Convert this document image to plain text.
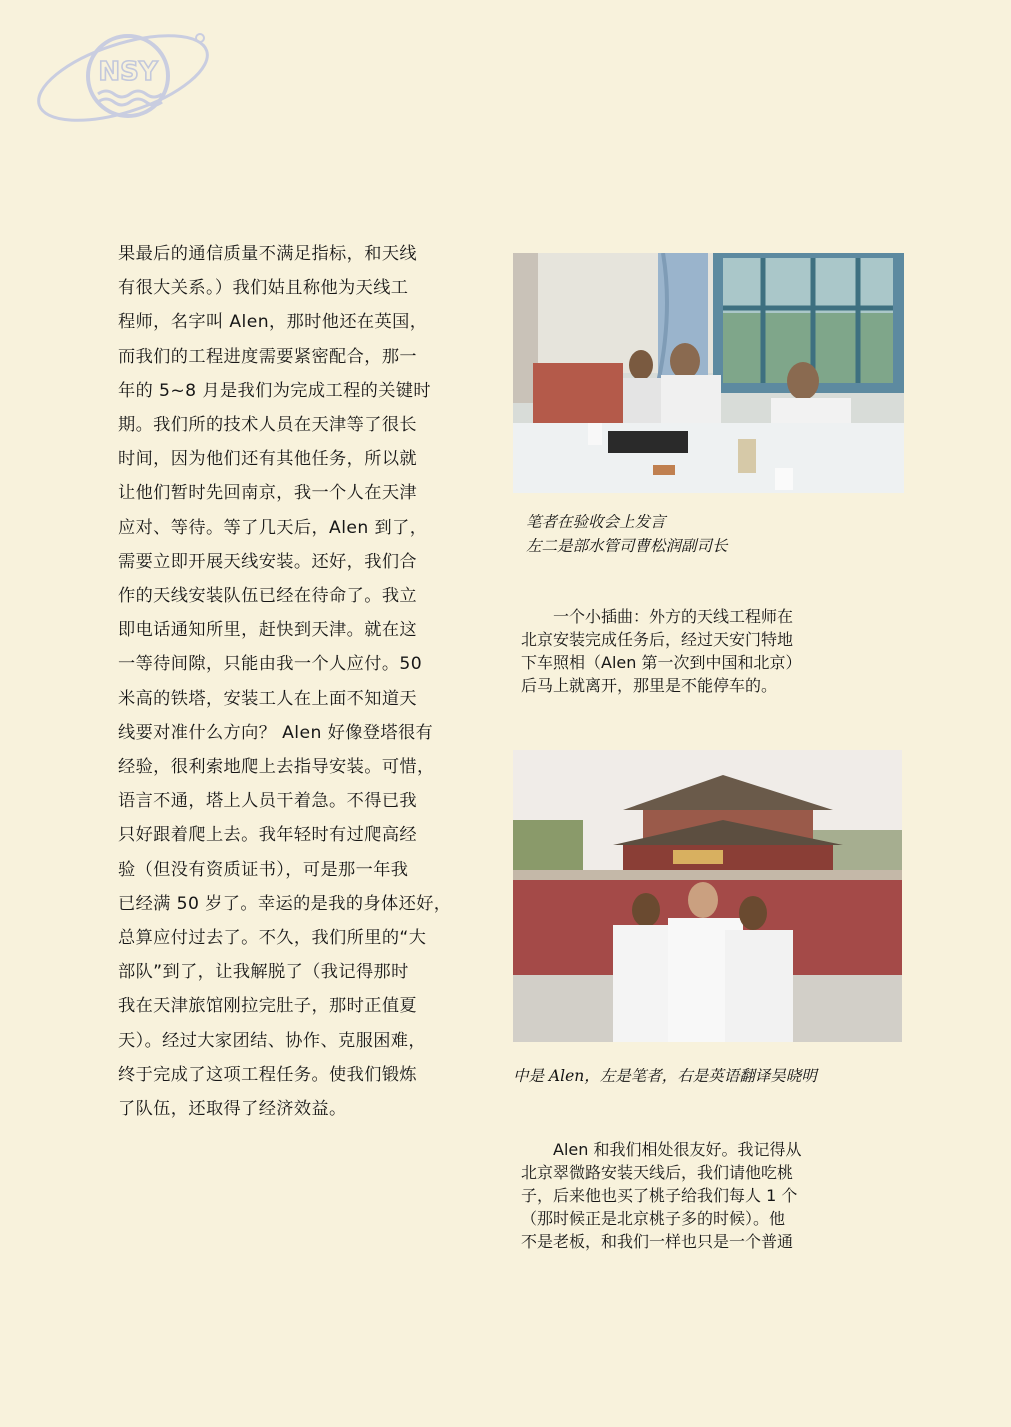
NSY

果最后的通信质量不满足指标，和天线
有很大关系。）我们姑且称他为天线工
程师，名字叫 Alen，那时他还在英国，
而我们的工程进度需要紧密配合，那一
年的 5~8 月是我们为完成工程的关键时
期。我们所的技术人员在天津等了很长
时间，因为他们还有其他任务，所以就
让他们暂时先回南京，我一个人在天津
应对、等待。等了几天后，Alen 到了，
需要立即开展天线安装。还好，我们合
作的天线安装队伍已经在待命了。我立
即电话通知所里，赶快到天津。就在这
一等待间隙，只能由我一个人应付。50
米高的铁塔，安装工人在上面不知道天
线要对准什么方向？ Alen 好像登塔很有
经验，很利索地爬上去指导安装。可惜，
语言不通，塔上人员干着急。不得已我
只好跟着爬上去。我年轻时有过爬高经
验（但没有资质证书），可是那一年我
已经满 50 岁了。幸运的是我的身体还好，
总算应付过去了。不久，我们所里的“大
部队”到了，让我解脱了（我记得那时
我在天津旅馆刚拉完肚子，那时正值夏
天）。经过大家团结、协作、克服困难，
终于完成了这项工程任务。使我们锻炼
了队伍，还取得了经济效益。

笔者在验收会上发言
左二是部水管司曹松润副司长

一个小插曲：外方的天线工程师在
北京安装完成任务后，经过天安门特地
下车照相（Alen 第一次到中国和北京）
后马上就离开，那里是不能停车的。

中是 Alen，左是笔者，右是英语翻译吴晓明

Alen 和我们相处很友好。我记得从
北京翠微路安装天线后，我们请他吃桃
子，后来他也买了桃子给我们每人 1 个
（那时候正是北京桃子多的时候）。他
不是老板，和我们一样也只是一个普通
